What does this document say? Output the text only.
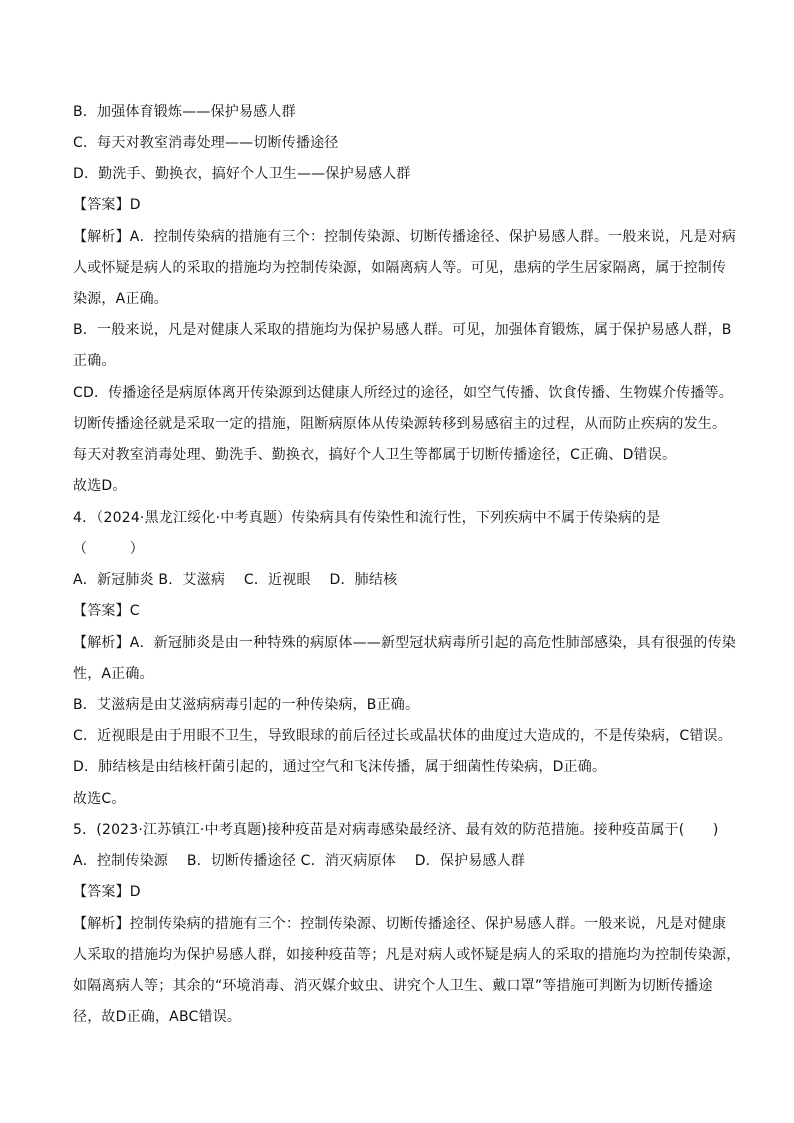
B．加强体育锻炼——保护易感人群
C．每天对教室消毒处理——切断传播途径
D．勤洗手、勤换衣，搞好个人卫生——保护易感人群
【答案】D
【解析】A．控制传染病的措施有三个：控制传染源、切断传播途径、保护易感人群。一般来说，凡是对病
人或怀疑是病人的采取的措施均为控制传染源，如隔离病人等。可见，患病的学生居家隔离，属于控制传
染源，A正确。
B．一般来说，凡是对健康人采取的措施均为保护易感人群。可见，加强体育锻炼，属于保护易感人群，B
正确。
CD．传播途径是病原体离开传染源到达健康人所经过的途径，如空气传播、饮食传播、生物媒介传播等。
切断传播途径就是采取一定的措施，阻断病原体从传染源转移到易感宿主的过程，从而防止疾病的发生。
每天对教室消毒处理、勤洗手、勤换衣，搞好个人卫生等都属于切断传播途径，C正确、D错误。
故选D。
4．（2024·黑龙江绥化·中考真题）传染病具有传染性和流行性，下列疾病中不属于传染病的是
（　　　）
A．新冠肺炎 B．艾滋病　 C．近视眼　 D．肺结核
【答案】C
【解析】A．新冠肺炎是由一种特殊的病原体——新型冠状病毒所引起的高危性肺部感染，具有很强的传染
性，A正确。
B．艾滋病是由艾滋病病毒引起的一种传染病，B正确。
C．近视眼是由于用眼不卫生，导致眼球的前后径过长或晶状体的曲度过大造成的，不是传染病，C错误。
D．肺结核是由结核杆菌引起的，通过空气和飞沫传播，属于细菌性传染病，D正确。
故选C。
5．(2023·江苏镇江·中考真题)接种疫苗是对病毒感染最经济、最有效的防范措施。接种疫苗属于(　　)
A．控制传染源　 B．切断传播途径 C．消灭病原体　 D．保护易感人群
【答案】D
【解析】控制传染病的措施有三个：控制传染源、切断传播途径、保护易感人群。一般来说，凡是对健康
人采取的措施均为保护易感人群，如接种疫苗等；凡是对病人或怀疑是病人的采取的措施均为控制传染源，
如隔离病人等；其余的“环境消毒、消灭媒介蚊虫、讲究个人卫生、戴口罩”等措施可判断为切断传播途
径，故D正确，ABC错误。
